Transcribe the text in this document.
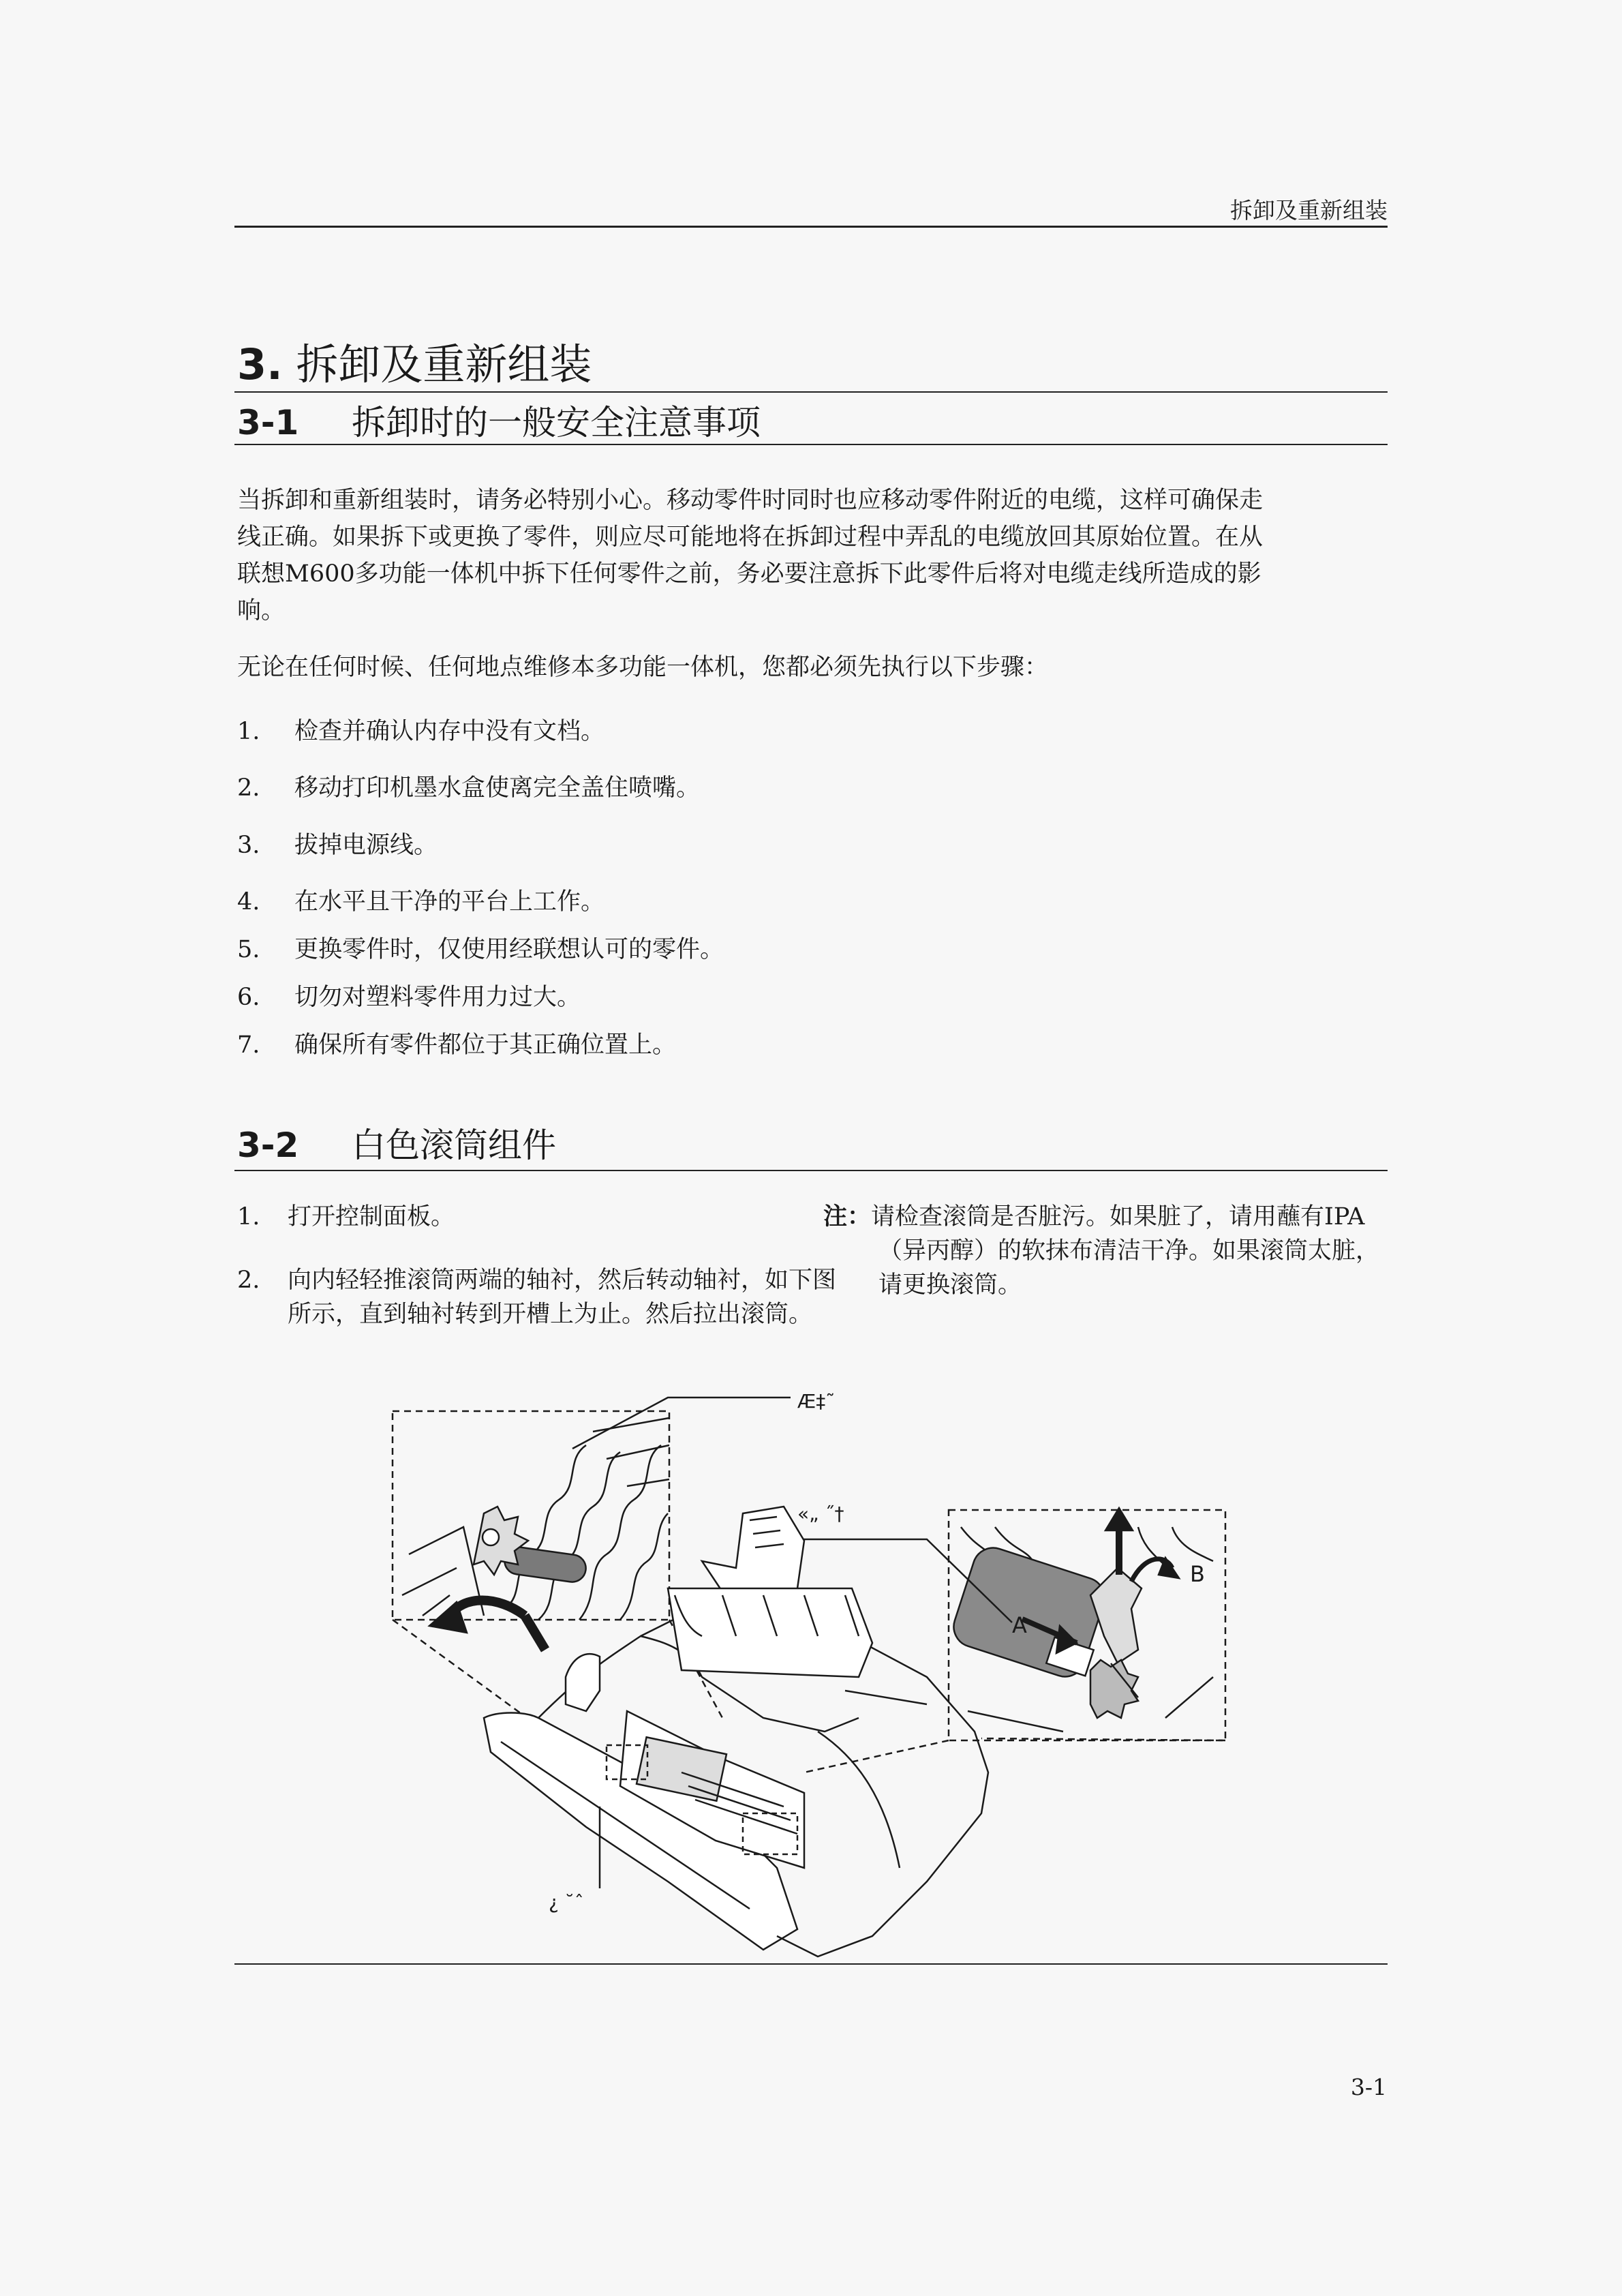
拆卸及重新组装
3. 拆卸及重新组装
3-1 拆卸时的一般安全注意事项
当拆卸和重新组装时，请务必特别小心。移动零件时同时也应移动零件附近的电缆，这样可确保走
线正确。如果拆下或更换了零件，则应尽可能地将在拆卸过程中弄乱的电缆放回其原始位置。在从
联想M600多功能一体机中拆下任何零件之前，务必要注意拆下此零件后将对电缆走线所造成的影
响。
无论在任何时候、任何地点维修本多功能一体机，您都必须先执行以下步骤：
1. 检查并确认内存中没有文档。
2. 移动打印机墨水盒使离完全盖住喷嘴。
3. 拔掉电源线。
4. 在水平且干净的平台上工作。
5. 更换零件时，仅使用经联想认可的零件。
6. 切勿对塑料零件用力过大。
7. 确保所有零件都位于其正确位置上。
3-2 白色滚筒组件
1. 打开控制面板。
2. 向内轻轻推滚筒两端的轴衬，然后转动轴衬，如下图所示，直到轴衬转到开槽上为止。然后拉出滚筒。
注：请检查滚筒是否脏污。如果脏了，请用蘸有IPA（异丙醇）的软抹布清洁干净。如果滚筒太脏，请更换滚筒。
A
B
Æ‡˜
«„ ˝†
¿ ˘ˆ
3-1
